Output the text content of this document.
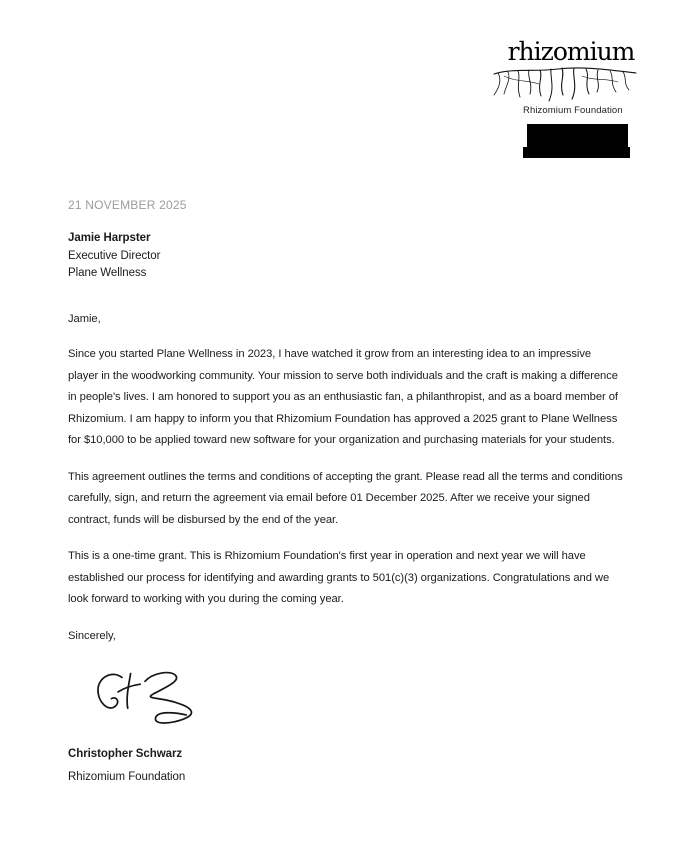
rhizomium
Rhizomium Foundation

21 NOVEMBER 2025

Jamie Harpster
Executive Director
Plane Wellness

Jamie,

Since you started Plane Wellness in 2023, I have watched it grow from an interesting idea to an impressive player in the woodworking community. Your mission to serve both individuals and the craft is making a difference in people's lives. I am honored to support you as an enthusiastic fan, a philanthropist, and as a board member of Rhizomium. I am happy to inform you that Rhizomium Foundation has approved a 2025 grant to Plane Wellness for $10,000 to be applied toward new software for your organization and purchasing materials for your students.

This agreement outlines the terms and conditions of accepting the grant. Please read all the terms and conditions carefully, sign, and return the agreement via email before 01 December 2025. After we receive your signed contract, funds will be disbursed by the end of the year.

This is a one-time grant. This is Rhizomium Foundation's first year in operation and next year we will have established our process for identifying and awarding grants to 501(c)(3) organizations. Congratulations and we look forward to working with you during the coming year.

Sincerely,

Christopher Schwarz
Rhizomium Foundation
